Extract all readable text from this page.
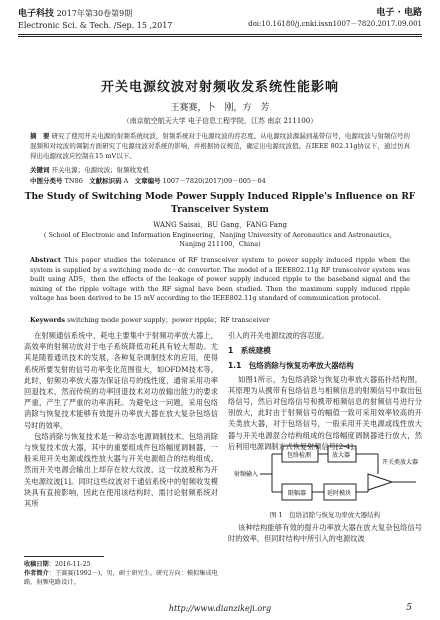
电子科技 2017年第30卷第9期
Electronic Sci. & Tech. /Sep. 15 ,2017
电子 · 电路
doi:10.16180/j.cnki.issn1007－7820.2017.09.001
开关电源纹波对射频收发系统性能影响
王赛赛，卜　刚，方　芳
（南京航空航天大学 电子信息工程学院，江苏 南京 211100）
摘　要 研究了使用开关电源的射频系统纹波，射频系统对于电源纹波的容忍度。从电源纹波源漏到基带信号，电源纹波与射频信号的混频和对纹波的调制方面研究了电源纹波对系统的影响，并根据协议规范，确定出电源纹波值。在IEEE 802.11g协议下，通过仿真得出电源纹波应控制在15 mV以下。
关键词 开关电源；电源纹波；射频收发机
中图分类号 TN86 文献标识码 A 文章编号 1007－7820(2017)09－005－04
The Study of Switching Mode Power Supply Induced Ripple's Influence on RF Transceiver System
WANG Saisai，BU Gang，FANG Fang
( School of Electronic and Information Engineering，Nanjing University of Aeronautics and Astronautics，Nanjing 211100，China)
Abstract This paper studies the tolerance of RF transceiver system to power supply induced ripple when the system is supplied by a switching mode dc－dc converter. The model of a IEEE802.11g RF transceiver system was built using ADS，then the effects of the leakage of power supply induced ripple to the baseband signal and the mixing of the ripple voltage with the RF signal have been studied. Then the maximum supply induced ripple voltage has been derived to be 15 mV according to the IEEE802.11g standard of communication protocol.
Keywords switching mode power supply；power ripple；RF transceiver

在射频通信系统中，耗电主要集中于射频功率放大器上，高效率的射频功放对于电子系统降低功耗具有较大帮助。尤其是随着通讯技术的发展，各种复杂调制技术的应用，使得系统所要发射的信号功率变化范围很大，如OFDM技术等。此时，射频功率放大器为保证信号的线性度，通常采用功率回退技术，然而传统的功率回退技术对功放输出能力的要求严重，产生了严重的功率消耗。为避免这一问题，采用包络消除与恢复技术能够有效提升功率放大器在放大复杂包络信号时的效率。

包络消除与恢复技术是一种动态电源调制技术。包络消除与恢复技术放大器，其中的重要组成件包络幅度调制器，一般采用开关电源或线性放大器与开关电源组合的结构组成。然而开关电源会输出上却存在较大纹波，这一纹波被称为开关电源纹波[1]。同时这些纹波对于通信系统中的射频收发模块具有直接影响，因此在使用该结构时，需讨论射频系统对其所

引入的开关电源纹波的容忍度。
1　系统建模
1.1　包络消除与恢复功率放大器结构

如图1所示，为包络消除与恢复功率放大器拓扑结构图，其原理为从携带有包络信息与相频信息的射频信号中取出包络信号，然后对包络信号和携带相频信息的射频信号进行分别放大，此时由于射频信号的幅值一致可采用效率较高的开关类放大器，对于包络信号，一般采用开关电源或线性放大器与开关电源混合结构组成的包络幅度调制器进行放大，然后利用电源调制方式恢复射频信号[2-4]。

射频输入
包络检测
限幅器
放大器
延时模块
开关类放大器
图 1　包络消除与恢复功率放大器结构

该种结构能够有效的提升功率放大器在放大复杂包络信号时的效率，但同时结构中所引入的电源纹波

收稿日期：2016-11-25
作者简介：王赛赛(1992－)，男，硕士研究生。研究方向：模拟集成电路，射频电路设计。
http://www.dianzikeji.org	5
